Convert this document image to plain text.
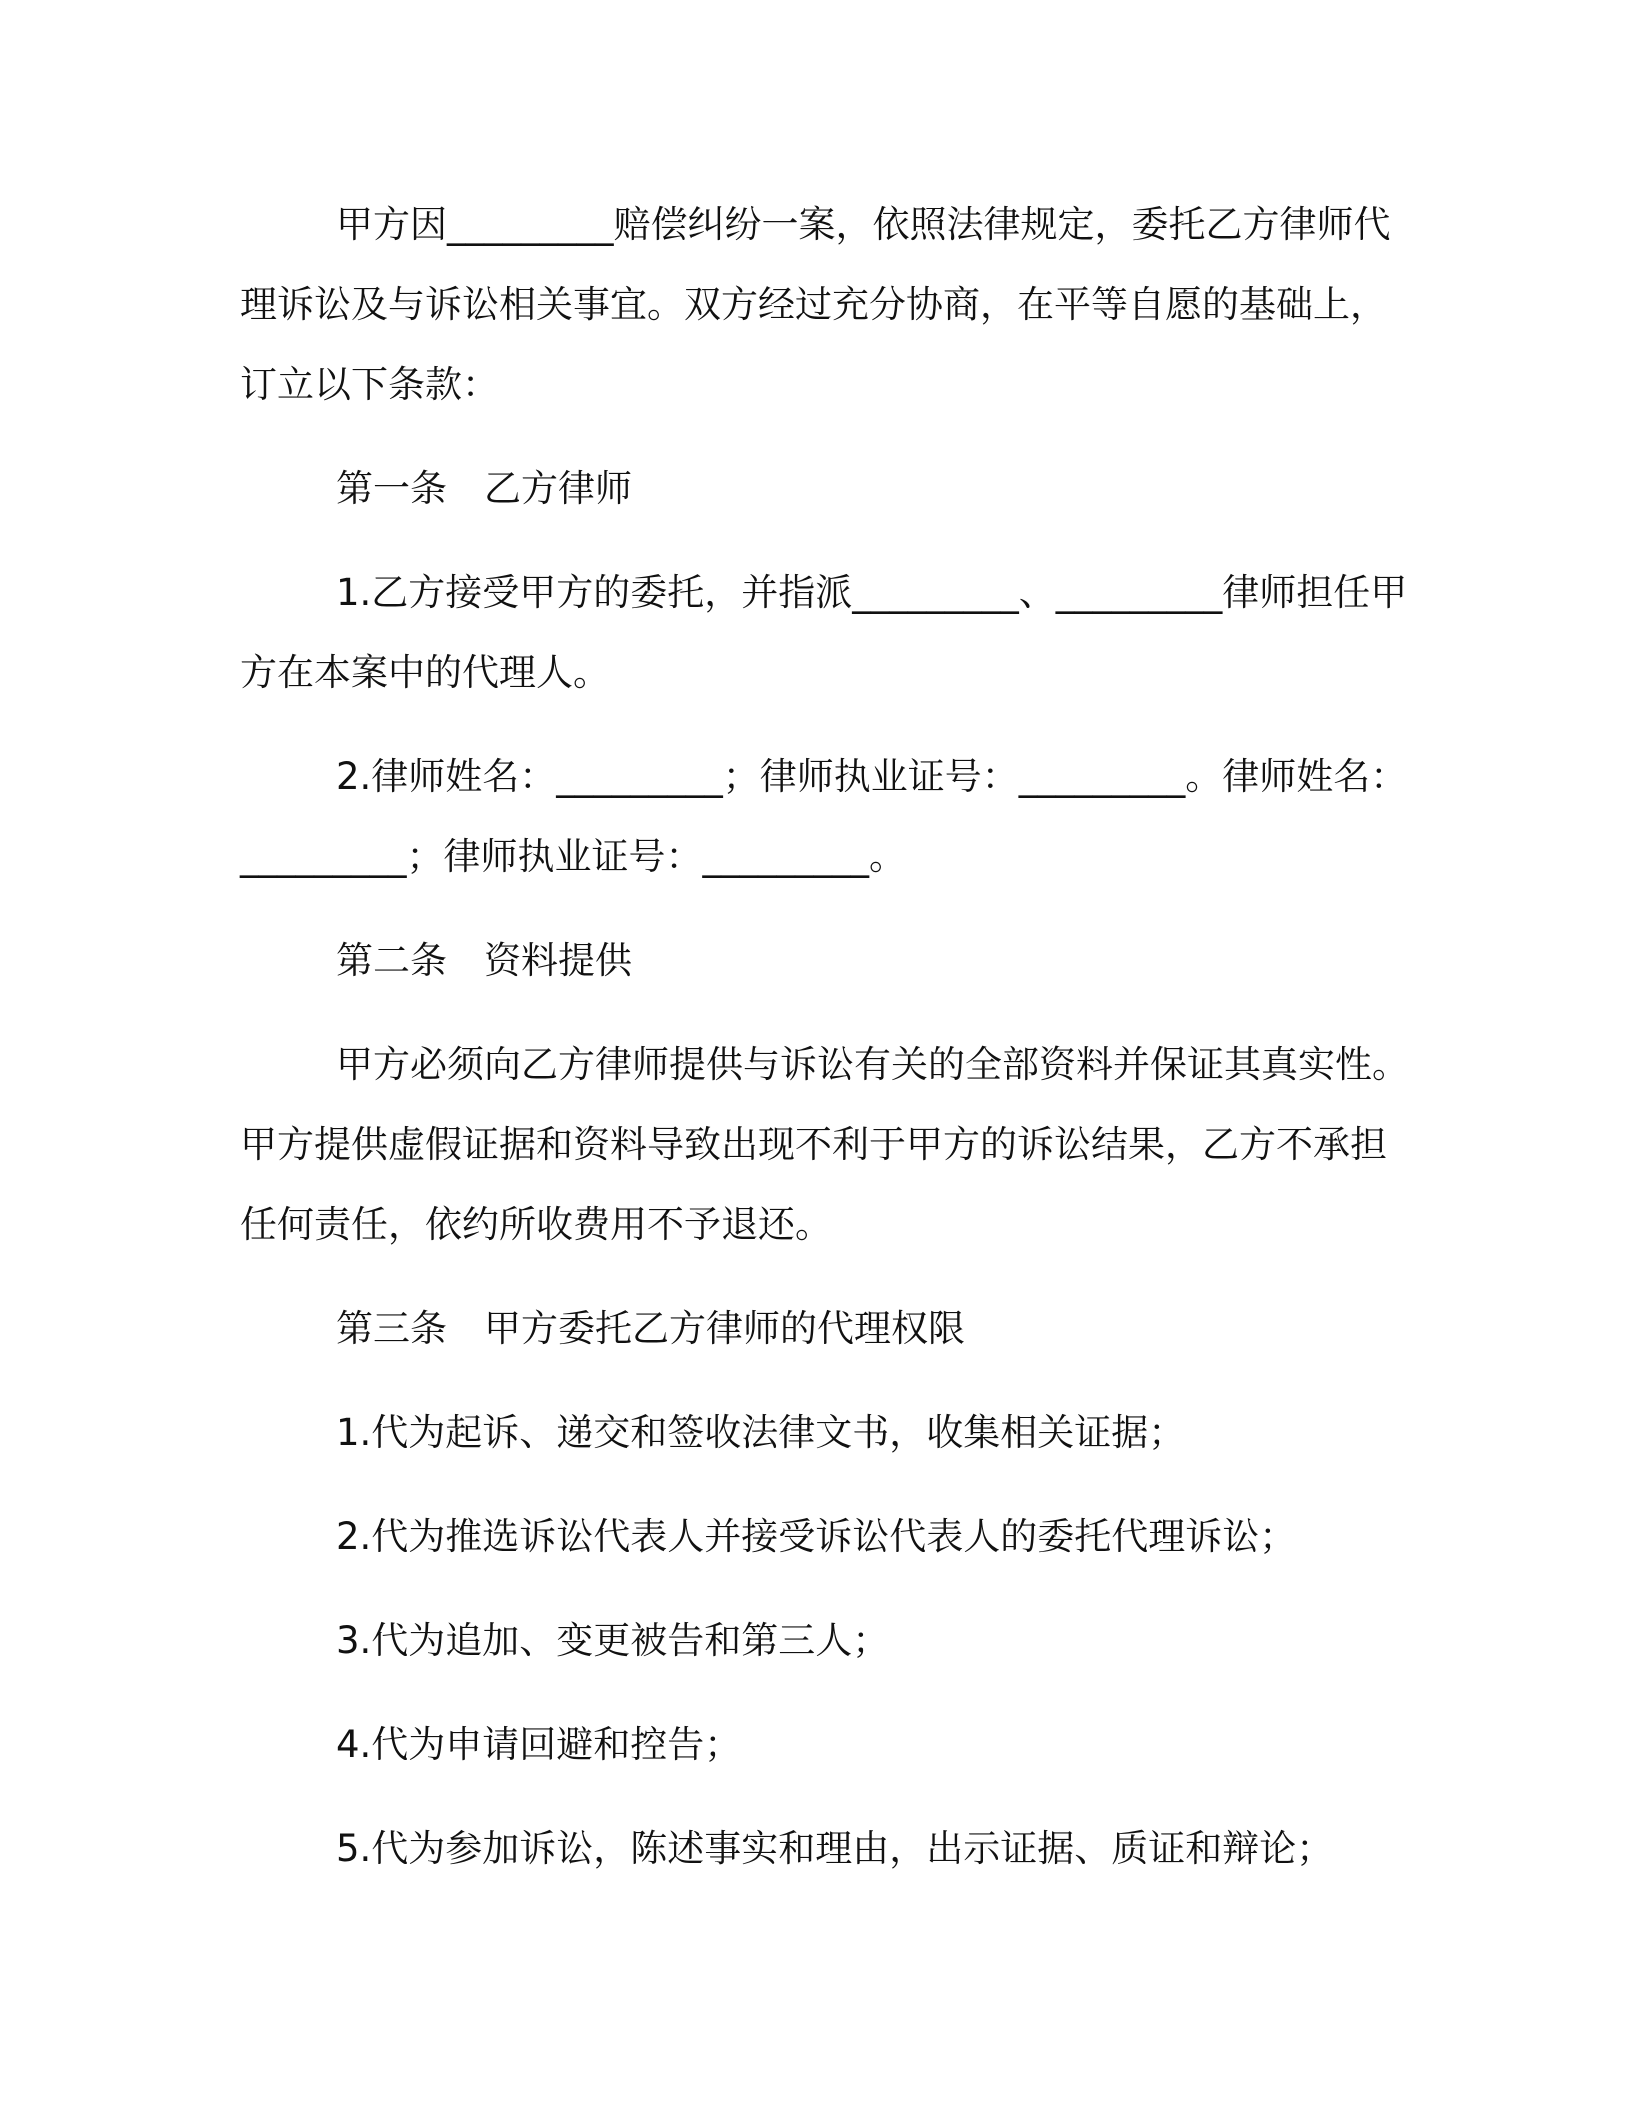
甲方因_________赔偿纠纷一案，依照法律规定，委托乙方律师代理诉讼及与诉讼相关事宜。双方经过充分协商，在平等自愿的基础上，订立以下条款：

第一条　乙方律师

1.乙方接受甲方的委托，并指派_________、_________律师担任甲方在本案中的代理人。

2.律师姓名：_________；律师执业证号：_________。律师姓名：_________；律师执业证号：_________。

第二条　资料提供

甲方必须向乙方律师提供与诉讼有关的全部资料并保证其真实性。甲方提供虚假证据和资料导致出现不利于甲方的诉讼结果，乙方不承担任何责任，依约所收费用不予退还。

第三条　甲方委托乙方律师的代理权限

1.代为起诉、递交和签收法律文书，收集相关证据；

2.代为推选诉讼代表人并接受诉讼代表人的委托代理诉讼；

3.代为追加、变更被告和第三人；

4.代为申请回避和控告；

5.代为参加诉讼，陈述事实和理由，出示证据、质证和辩论；
